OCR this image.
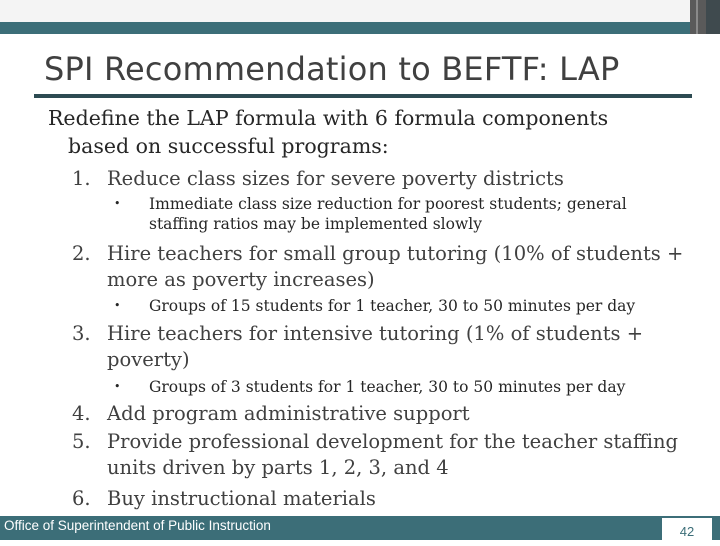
SPI Recommendation to BEFTF: LAP
Redefine the LAP formula with 6 formula components
based on successful programs:
1. Reduce class sizes for severe poverty districts
• Immediate class size reduction for poorest students; general
staffing ratios may be implemented slowly
2. Hire teachers for small group tutoring (10% of students +
more as poverty increases)
• Groups of 15 students for 1 teacher, 30 to 50 minutes per day
3. Hire teachers for intensive tutoring (1% of students +
poverty)
• Groups of 3 students for 1 teacher, 30 to 50 minutes per day
4. Add program administrative support
5. Provide professional development for the teacher staffing
units driven by parts 1, 2, 3, and 4
6. Buy instructional materials
Office of Superintendent of Public Instruction	42
